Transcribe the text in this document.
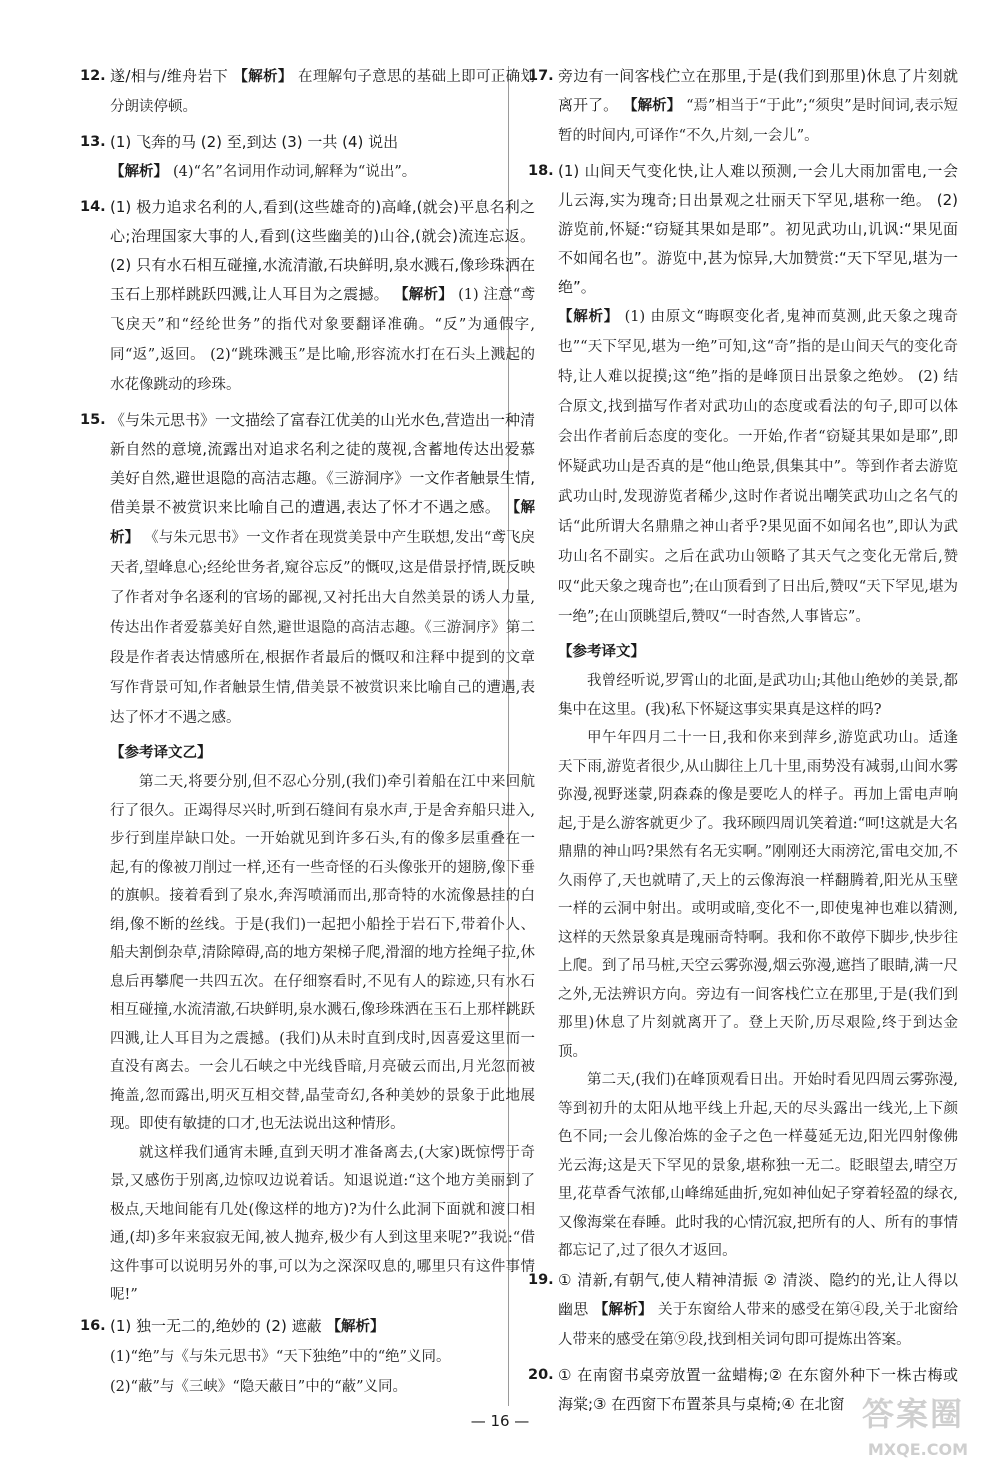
12. 遂/相与/维舟岩下 【解析】 在理解句子意思的基础上即可正确划分朗读停顿。
13. (1) 飞奔的马 (2) 至,到达 (3) 一共 (4) 说出
【解析】 (4)“名”名词用作动词,解释为“说出”。
14. (1) 极力追求名利的人,看到(这些雄奇的)高峰,(就会)平息名利之心;治理国家大事的人,看到(这些幽美的)山谷,(就会)流连忘返。 (2) 只有水石相互碰撞,水流清澈,石块鲜明,泉水溅石,像珍珠洒在玉石上那样跳跃四溅,让人耳目为之震撼。 【解析】 (1) 注意“鸢飞戾天”和“经纶世务”的指代对象要翻译准确。“反”为通假字,同“返”,返回。 (2)“跳珠溅玉”是比喻,形容流水打在石头上溅起的水花像跳动的珍珠。
15. 《与朱元思书》一文描绘了富春江优美的山光水色,营造出一种清新自然的意境,流露出对追求名利之徒的蔑视,含蓄地传达出爱慕美好自然,避世退隐的高洁志趣。《三游洞序》一文作者触景生情,借美景不被赏识来比喻自己的遭遇,表达了怀才不遇之感。 【解析】 《与朱元思书》一文作者在现赏美景中产生联想,发出“鸢飞戾天者,望峰息心;经纶世务者,窥谷忘反”的慨叹,这是借景抒情,既反映了作者对争名逐利的官场的鄙视,又衬托出大自然美景的诱人力量,传达出作者爱慕美好自然,避世退隐的高洁志趣。《三游洞序》第二段是作者表达情感所在,根据作者最后的慨叹和注释中提到的文章写作背景可知,作者触景生情,借美景不被赏识来比喻自己的遭遇,表达了怀才不遇之感。
【参考译文乙】

第二天,将要分别,但不忍心分别,(我们)牵引着船在江中来回航行了很久。正竭得尽兴时,听到石缝间有泉水声,于是舍弃船只进入,步行到崖岸缺口处。一开始就见到许多石头,有的像多层重叠在一起,有的像被刀削过一样,还有一些奇怪的石头像张开的翅膀,像下垂的旗帜。接着看到了泉水,奔泻喷涌而出,那奇特的水流像悬挂的白绢,像不断的丝线。于是(我们)一起把小船拴于岩石下,带着仆人、船夫割倒杂草,清除障碍,高的地方架梯子爬,滑溜的地方拴绳子拉,休息后再攀爬一共四五次。在仔细察看时,不见有人的踪迹,只有水石相互碰撞,水流清澈,石块鲜明,泉水溅石,像珍珠洒在玉石上那样跳跃四溅,让人耳目为之震撼。(我们)从未时直到戌时,因喜爱这里而一直没有离去。一会儿石峡之中光线昏暗,月亮破云而出,月光忽而被掩盖,忽而露出,明灭互相交替,晶莹奇幻,各种美妙的景象于此地展现。即使有敏捷的口才,也无法说出这种情形。

就这样我们通宵未睡,直到天明才准备离去,(大家)既惊愕于奇景,又感伤于别离,边惊叹边说着话。知退说道:“这个地方美丽到了极点,天地间能有几处(像这样的地方)?为什么此洞下面就和渡口相通,(却)多年来寂寂无闻,被人抛弃,极少有人到这里来呢?”我说:“借这件事可以说明另外的事,可以为之深深叹息的,哪里只有这件事情呢!”

16. (1) 独一无二的,绝妙的 (2) 遮蔽 【解析】
(1)“绝”与《与朱元思书》“天下独绝”中的“绝”义同。
(2)“蔽”与《三峡》“隐天蔽日”中的“蔽”义同。
17. 旁边有一间客栈伫立在那里,于是(我们到那里)休息了片刻就离开了。 【解析】 “焉”相当于“于此”;“须臾”是时间词,表示短暂的时间内,可译作“不久,片刻,一会儿”。
18. (1) 山间天气变化快,让人难以预测,一会儿大雨加雷电,一会儿云海,实为瑰奇;日出景观之壮丽天下罕见,堪称一绝。 (2) 游览前,怀疑:“窃疑其果如是耶”。初见武功山,讥讽:“果见面不如闻名也”。游览中,甚为惊异,大加赞赏:“天下罕见,堪为一绝”。
【解析】 (1) 由原文“晦暝变化者,鬼神而莫测,此天象之瑰奇也”“天下罕见,堪为一绝”可知,这“奇”指的是山间天气的变化奇特,让人难以捉摸;这“绝”指的是峰顶日出景象之绝妙。 (2) 结合原文,找到描写作者对武功山的态度或看法的句子,即可以体会出作者前后态度的变化。一开始,作者“窃疑其果如是耶”,即怀疑武功山是否真的是“他山绝景,俱集其中”。等到作者去游览武功山时,发现游览者稀少,这时作者说出嘲笑武功山之名气的话“此所谓大名鼎鼎之神山者乎?果见面不如闻名也”,即认为武功山名不副实。之后在武功山领略了其天气之变化无常后,赞叹“此天象之瑰奇也”;在山顶看到了日出后,赞叹“天下罕见,堪为一绝”;在山顶眺望后,赞叹“一时杳然,人事皆忘”。
【参考译文】

我曾经听说,罗霄山的北面,是武功山;其他山绝妙的美景,都集中在这里。(我)私下怀疑这事实果真是这样的吗?

甲午年四月二十一日,我和你来到萍乡,游览武功山。适逢天下雨,游览者很少,从山脚往上几十里,雨势没有减弱,山间水雾弥漫,视野迷蒙,阴森森的像是要吃人的样子。再加上雷电声响起,于是么游客就更少了。我环顾四周讥笑着道:“呵!这就是大名鼎鼎的神山吗?果然有名无实啊。”刚刚还大雨滂沱,雷电交加,不久雨停了,天也就晴了,天上的云像海浪一样翻腾着,阳光从玉壁一样的云洞中射出。或明或暗,变化不一,即使鬼神也难以猜测,这样的天然景象真是瑰丽奇特啊。我和你不敢停下脚步,快步往上爬。到了吊马桩,天空云雾弥漫,烟云弥漫,遮挡了眼睛,满一尺之外,无法辨识方向。旁边有一间客栈伫立在那里,于是(我们到那里)休息了片刻就离开了。登上天阶,历尽艰险,终于到达金顶。

第二天,(我们)在峰顶观看日出。开始时看见四周云雾弥漫,等到初升的太阳从地平线上升起,天的尽头露出一线光,上下颜色不同;一会儿像冶炼的金子之色一样蔓延无边,阳光四射像佛光云海;这是天下罕见的景象,堪称独一无二。眨眼望去,晴空万里,花草香气浓郁,山峰绵延曲折,宛如神仙妃子穿着轻盈的绿衣,又像海棠在春睡。此时我的心情沉寂,把所有的人、所有的事情都忘记了,过了很久才返回。

19. ① 清新,有朝气,使人精神清振 ② 清淡、隐约的光,让人得以幽思 【解析】 关于东窗给人带来的感受在第④段,关于北窗给人带来的感受在第⑨段,找到相关词句即可提炼出答案。
20. ① 在南窗书桌旁放置一盆蜡梅;② 在东窗外种下一株古梅或海棠;③ 在西窗下布置茶具与桌椅;④ 在北窗
— 16 —	答案圈
MXQE.COM
